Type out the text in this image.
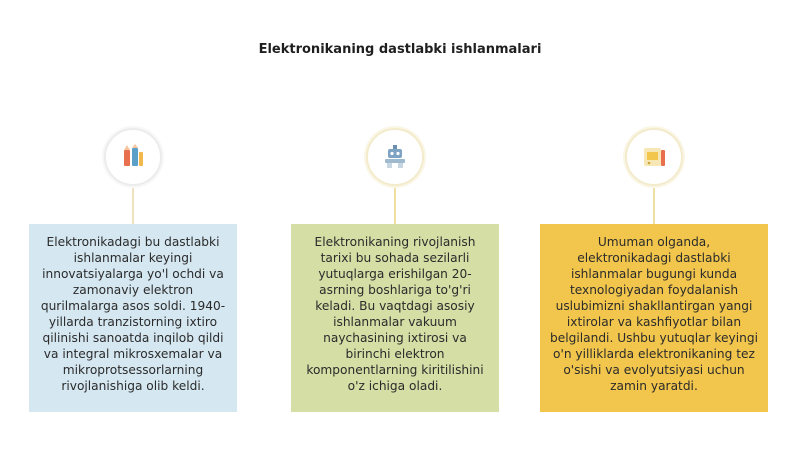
Elektronikaning dastlabki ishlanmalari
Elektronikadagi bu dastlabki ishlanmalar keyingi innovatsiyalarga yo'l ochdi va zamonaviy elektron qurilmalarga asos soldi. 1940-yillarda tranzistorning ixtiro qilinishi sanoatda inqilob qildi va integral mikrosxemalar va mikroprotsessorlarning rivojlanishiga olib keldi.
Elektronikaning rivojlanish tarixi bu sohada sezilarli yutuqlarga erishilgan 20-asrning boshlariga to'g'ri keladi. Bu vaqtdagi asosiy ishlanmalar vakuum naychasining ixtirosi va birinchi elektron komponentlarning kiritilishini o'z ichiga oladi.
Umuman olganda, elektronikadagi dastlabki ishlanmalar bugungi kunda texnologiyadan foydalanish uslubimizni shakllantirgan yangi ixtirolar va kashfiyotlar bilan belgilandi. Ushbu yutuqlar keyingi o'n yilliklarda elektronikaning tez o'sishi va evolyutsiyasi uchun zamin yaratdi.
